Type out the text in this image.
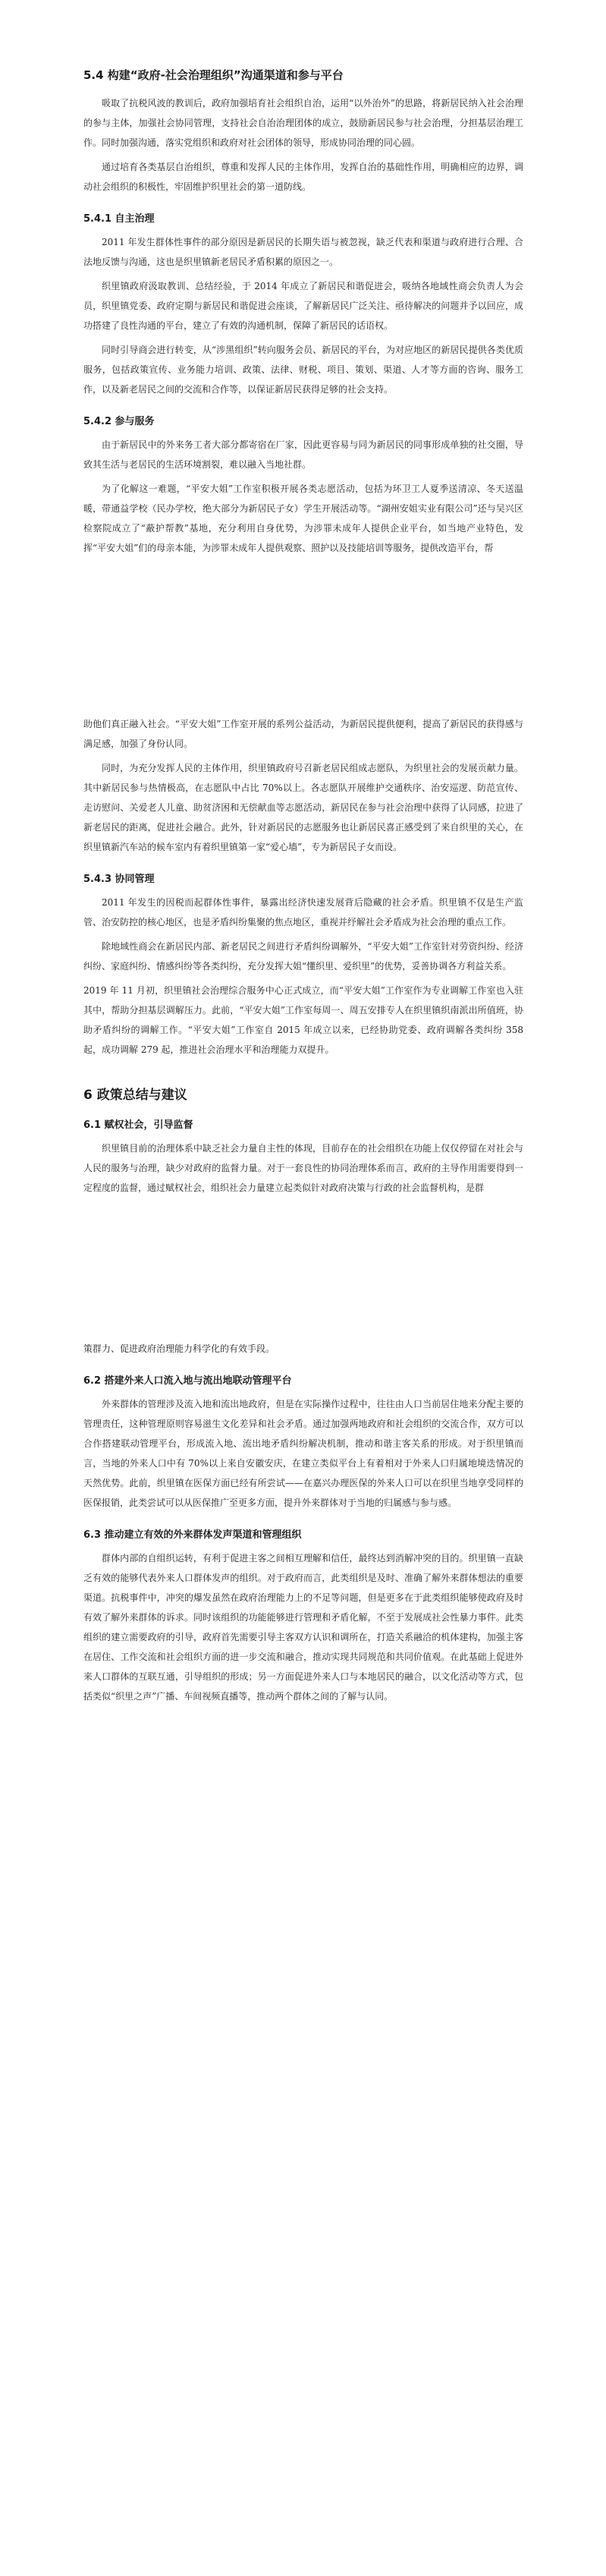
5.4 构建“政府-社会治理组织”沟通渠道和参与平台

吸取了抗税风波的教训后，政府加强培育社会组织自治，运用“以外治外”的思路，将新居民纳入社会治理的参与主体，加强社会协同管理，支持社会自治治理团体的成立，鼓励新居民参与社会治理，分担基层治理工作。同时加强沟通，落实党组织和政府对社会团体的领导，形成协同治理的同心圆。

通过培育各类基层自治组织，尊重和发挥人民的主体作用，发挥自治的基础性作用，明确相应的边界，调动社会组织的积极性，牢固维护织里社会的第一道防线。

5.4.1 自主治理

2011 年发生群体性事件的部分原因是新居民的长期失语与被忽视，缺乏代表和渠道与政府进行合理、合法地反馈与沟通，这也是织里镇新老居民矛盾积累的原因之一。

织里镇政府汲取教训、总结经验，于 2014 年成立了新居民和谐促进会，吸纳各地域性商会负责人为会员，织里镇党委、政府定期与新居民和谐促进会座谈，了解新居民广泛关注、亟待解决的问题并予以回应，成功搭建了良性沟通的平台，建立了有效的沟通机制，保障了新居民的话语权。

同时引导商会进行转变，从“涉黑组织”转向服务会员、新居民的平台，为对应地区的新居民提供各类优质服务，包括政策宣传、业务能力培训、政策、法律、财税、项目、策划、渠道、人才等方面的咨询、服务工作，以及新老居民之间的交流和合作等，以保证新居民获得足够的社会支持。

5.4.2 参与服务

由于新居民中的外来务工者大部分都寄宿在厂家，因此更容易与同为新居民的同事形成单独的社交圈，导致其生活与老居民的生活环境割裂，难以融入当地社群。

为了化解这一难题，“平安大姐”工作室积极开展各类志愿活动，包括为环卫工人夏季送清凉、冬天送温暖，带通益学校（民办学校，绝大部分为新居民子女）学生开展活动等。“湖州安姐实业有限公司”还与吴兴区检察院成立了“蔽护帮教”基地，充分利用自身优势，为涉罪未成年人提供企业平台，如当地产业特色，发挥“平安大姐”们的母亲本能，为涉罪未成年人提供观察、照护以及技能培训等服务，提供改造平台，帮

助他们真正融入社会。“平安大姐”工作室开展的系列公益活动，为新居民提供便利，提高了新居民的获得感与满足感，加强了身份认同。

同时，为充分发挥人民的主体作用，织里镇政府号召新老居民组成志愿队，为织里社会的发展贡献力量。其中新居民参与热情极高，在志愿队中占比 70%以上。各志愿队开展维护交通秩序、治安巡逻、防范宣传、走访慰问、关爱老人儿童、助贫济困和无偿献血等志愿活动，新居民在参与社会治理中获得了认同感，拉进了新老居民的距离，促进社会融合。此外，针对新居民的志愿服务也让新居民喜正感受到了来自织里的关心，在织里镇新汽车站的候车室内有着织里镇第一家“爱心墙”，专为新居民子女而设。

5.4.3 协同管理

2011 年发生的因税而起群体性事件，暴露出经济快速发展背后隐藏的社会矛盾。织里镇不仅是生产监管、治安防控的核心地区，也是矛盾纠纷集聚的焦点地区，重视并纾解社会矛盾成为社会治理的重点工作。

除地域性商会在新居民内部、新老居民之间进行矛盾纠纷调解外，“平安大姐”工作室针对劳资纠纷、经济纠纷、家庭纠纷、情感纠纷等各类纠纷，充分发挥大姐“懂织里、爱织里”的优势，妥善协调各方利益关系。

2019 年 11 月初，织里镇社会治理综合服务中心正式成立，而“平安大姐”工作室作为专业调解工作室也入驻其中，帮助分担基层调解压力。此前，“平安大姐”工作室每周一、周五安排专人在织里镇织南派出所值班，协助矛盾纠纷的调解工作。“平安大姐”工作室自 2015 年成立以来，已经协助党委、政府调解各类纠纷 358 起，成功调解 279 起，推进社会治理水平和治理能力双提升。

6 政策总结与建议
6.1 赋权社会，引导监督

织里镇目前的治理体系中缺乏社会力量自主性的体现，目前存在的社会组织在功能上仅仅停留在对社会与人民的服务与治理，缺少对政府的监督力量。对于一套良性的协同治理体系而言，政府的主导作用需要得到一定程度的监督，通过赋权社会，组织社会力量建立起类似针对政府决策与行政的社会监督机构，是群

策群力、促进政府治理能力科学化的有效手段。

6.2 搭建外来人口流入地与流出地联动管理平台

外来群体的管理涉及流入地和流出地政府，但是在实际操作过程中，往往由人口当前居住地来分配主要的管理责任，这种管理原则容易滋生文化差异和社会矛盾。通过加强两地政府和社会组织的交流合作，双方可以合作搭建联动管理平台，形成流入地、流出地矛盾纠纷解决机制，推动和谐主客关系的形成。对于织里镇而言，当地的外来人口中有 70%以上来自安徽安庆，在建立类似平台上有着相对于外来人口归属地境迭情况的天然优势。此前，织里镇在医保方面已经有所尝试——在嘉兴办理医保的外来人口可以在织里当地享受同样的医保报销，此类尝试可以从医保推广至更多方面，提升外来群体对于当地的归属感与参与感。

6.3 推动建立有效的外来群体发声渠道和管理组织

群体内部的自组织运转，有利于促进主客之间相互理解和信任，最终达到消解冲突的目的。织里镇一直缺乏有效的能够代表外来人口群体发声的组织。对于政府而言，此类组织是及时、准确了解外来群体想法的重要渠道。抗税事件中，冲突的爆发虽然在政府治理能力上的不足等问题，但是更多在于此类组织能够使政府及时有效了解外来群体的诉求。同时该组织的功能能够进行管理和矛盾化解，不至于发展成社会性暴力事件。此类组织的建立需要政府的引导，政府首先需要引导主客双方认识和调所在，打造关系融洽的机体建构，加强主客在居住、工作交流和社会组织方面的进一步交流和融合，推动实现共同规范和共同价值观。在此基础上促进外来人口群体的互联互通，引导组织的形成；另一方面促进外来人口与本地居民的融合，以文化活动等方式，包括类似“织里之声”广播、车间视频直播等，推动两个群体之间的了解与认同。
